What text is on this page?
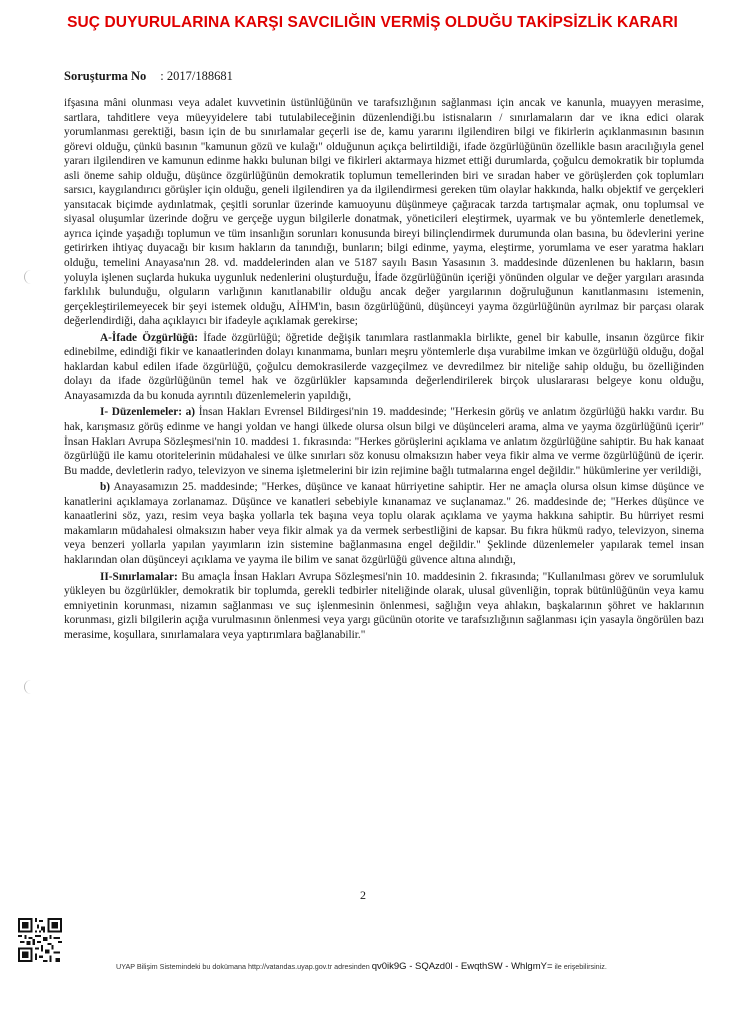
SUÇ DUYURULARINA KARŞI SAVCILIĞIN VERMİŞ OLDUĞU TAKİPSİZLİK KARARI
Soruşturma No : 2017/188681

ifşasına mâni olunması veya adalet kuvvetinin üstünlüğünün ve tarafsızlığının sağlanması için ancak ve kanunla, muayyen merasime, sartlara, tahditlere veya müeyyidelere tabi tutulabileceğinin düzenlendiği.bu istisnaların / sınırlamaların dar ve ikna edici olarak yorumlanması gerektiği, basın için de bu sınırlamalar geçerli ise de, kamu yararını ilgilendiren bilgi ve fikirlerin açıklanmasının basının görevi olduğu, çünkü basının "kamunun gözü ve kulağı" olduğunun açıkça belirtildiği, ifade özgürlüğünün özellikle basın aracılığıyla genel yararı ilgilendiren ve kamunun edinme hakkı bulunan bilgi ve fikirleri aktarmaya hizmet ettiği durumlarda, çoğulcu demokratik bir toplumda asli öneme sahip olduğu, düşünce özgürlüğünün demokratik toplumun temellerinden biri ve sıradan haber ve görüşlerden çok toplumları sarsıcı, kaygılandırıcı görüşler için olduğu, geneli ilgilendiren ya da ilgilendirmesi gereken tüm olaylar hakkında, halkı objektif ve gerçekleri yansıtacak biçimde aydınlatmak, çeşitli sorunlar üzerinde kamuoyunu düşünmeye çağıracak tarzda tartışmalar açmak, onu toplumsal ve siyasal oluşumlar üzerinde doğru ve gerçeğe uygun bilgilerle donatmak, yöneticileri eleştirmek, uyarmak ve bu yöntemlerle denetlemek, ayrıca içinde yaşadığı toplumun ve tüm insanlığın sorunları konusunda bireyi bilinçlendirmek durumunda olan basına, bu ödevlerini yerine getirirken ihtiyaç duyacağı bir kısım hakların da tanındığı, bunların; bilgi edinme, yayma, eleştirme, yorumlama ve eser yaratma hakları olduğu, temelini Anayasa'nın 28. vd. maddelerinden alan ve 5187 sayılı Basın Yasasının 3. maddesinde düzenlenen bu hakların, basın yoluyla işlenen suçlarda hukuka uygunluk nedenlerini oluşturduğu, İfade özgürlüğünün içeriği yönünden olgular ve değer yargıları arasında farklılık bulunduğu, olguların varlığının kanıtlanabilir olduğu ancak değer yargılarının doğruluğunun kanıtlanmasını istemenin, gerçekleştirilemeyecek bir şeyi istemek olduğu, AİHM'in, basın özgürlüğünü, düşünceyi yayma özgürlüğünün ayrılmaz bir parçası olarak değerlendirdiği, daha açıklayıcı bir ifadeyle açıklamak gerekirse;

A-İfade Özgürlüğü: İfade özgürlüğü; öğretide değişik tanımlara rastlanmakla birlikte, genel bir kabulle, insanın özgürce fikir edinebilme, edindiği fikir ve kanaatlerinden dolayı kınanmama, bunları meşru yöntemlerle dışa vurabilme imkan ve özgürlüğü olduğu, doğal haklardan kabul edilen ifade özgürlüğü, çoğulcu demokrasilerde vazgeçilmez ve devredilmez bir niteliğe sahip olduğu, bu özelliğinden dolayı da ifade özgürlüğünün temel hak ve özgürlükler kapsamında değerlendirilerek birçok uluslararası belgeye konu olduğu, Anayasamızda da bu konuda ayrıntılı düzenlemelerin yapıldığı,

I- Düzenlemeler: a) İnsan Hakları Evrensel Bildirgesi'nin 19. maddesinde; "Herkesin görüş ve anlatım özgürlüğü hakkı vardır. Bu hak, karışmasız görüş edinme ve hangi yoldan ve hangi ülkede olursa olsun bilgi ve düşünceleri arama, alma ve yayma özgürlüğünü içerir" İnsan Hakları Avrupa Sözleşmesi'nin 10. maddesi 1. fıkrasında: "Herkes görüşlerini açıklama ve anlatım özgürlüğüne sahiptir. Bu hak kanaat özgürlüğü ile kamu otoritelerinin müdahalesi ve ülke sınırları söz konusu olmaksızın haber veya fikir alma ve verme özgürlüğünü de içerir. Bu madde, devletlerin radyo, televizyon ve sinema işletmelerini bir izin rejimine bağlı tutmalarına engel değildir." hükümlerine yer verildiği,

b) Anayasamızın 25. maddesinde; "Herkes, düşünce ve kanaat hürriyetine sahiptir. Her ne amaçla olursa olsun kimse düşünce ve kanatlerini açıklamaya zorlanamaz. Düşünce ve kanatleri sebebiyle kınanamaz ve suçlanamaz." 26. maddesinde de; "Herkes düşünce ve kanaatlerini söz, yazı, resim veya başka yollarla tek başına veya toplu olarak açıklama ve yayma hakkına sahiptir. Bu hürriyet resmi makamların müdahalesi olmaksızın haber veya fikir almak ya da vermek serbestliğini de kapsar. Bu fıkra hükmü radyo, televizyon, sinema veya benzeri yollarla yapılan yayımların izin sistemine bağlanmasına engel değildir." Şeklinde düzenlemeler yapılarak temel insan haklarından olan düşünceyi açıklama ve yayma ile bilim ve sanat özgürlüğü güvence altına alındığı,

II-Sınırlamalar: Bu amaçla İnsan Hakları Avrupa Sözleşmesi'nin 10. maddesinin 2. fıkrasında; "Kullanılması görev ve sorumluluk yükleyen bu özgürlükler, demokratik bir toplumda, gerekli tedbirler niteliğinde olarak, ulusal güvenliğin, toprak bütünlüğünün veya kamu emniyetinin korunması, nizamın sağlanması ve suç işlenmesinin önlenmesi, sağlığın veya ahlakın, başkalarının şöhret ve haklarının korunması, gizli bilgilerin açığa vurulmasının önlenmesi veya yargı gücünün otorite ve tarafsızlığının sağlanması için yasayla öngörülen bazı merasime, koşullara, sınırlamalara veya yaptırımlara bağlanabilir."

2
UYAP Bilişim Sistemindeki bu dokümana http://vatandas.uyap.gov.tr adresinden qv0ik9G - SQAzd0l - EwqthSW - WhlgmY= ile erişebilirsiniz.
